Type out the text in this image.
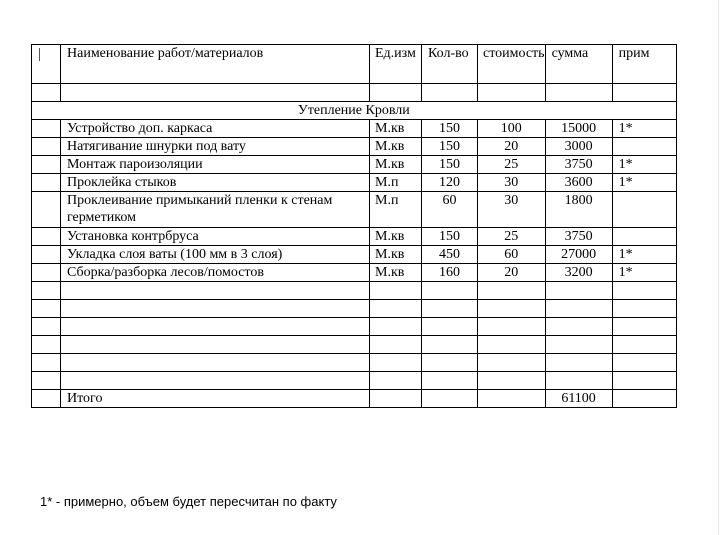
	Наименование работ/материалов	Ед.изм	Кол-во	стоимость	сумма	прим

Утепление Кровли						
	Устройство доп. каркаса	М.кв	150	100	15000	1*
	Натягивание шнурки под вату	М.кв	150	20	3000	
	Монтаж пароизоляции	М.кв	150	25	3750	1*
	Проклейка стыков	М.п	120	30	3600	1*
	Проклеивание примыканий пленки к стенам герметиком	М.п	60	30	1800	
	Установка контрбруса	М.кв	150	25	3750	
	Укладка слоя ваты (100 мм в 3 слоя)	М.кв	450	60	27000	1*
	Сборка/разборка лесов/помостов	М.кв	160	20	3200	1*

	Итого				61100	
1* - примерно, объем будет пересчитан по факту
